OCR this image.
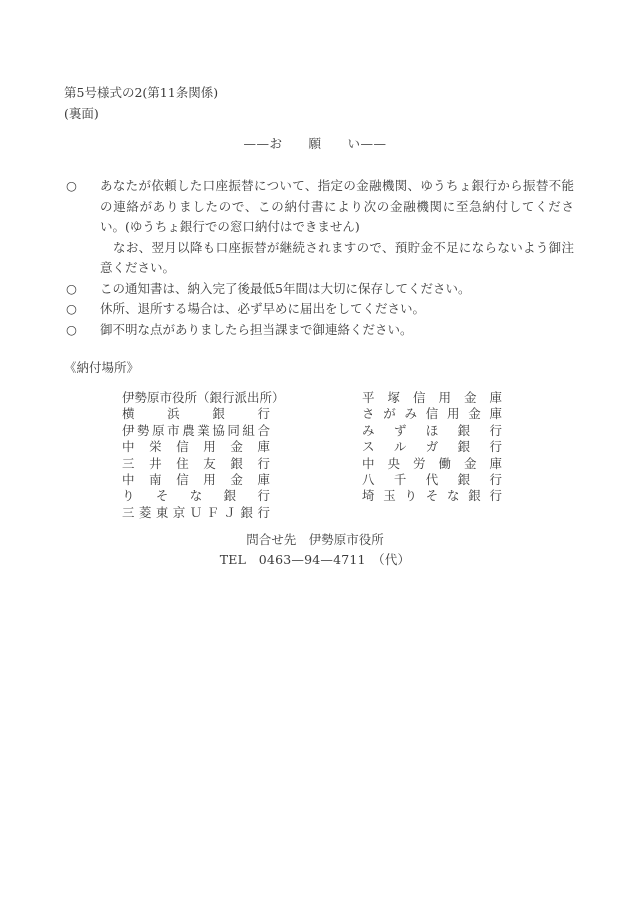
第5号様式の2(第11条関係)
(裏面)
——お　　願　　い——
○ あなたが依頼した口座振替について、指定の金融機関、ゆうちょ銀行から振替不能の連絡がありましたので、この納付書により次の金融機関に至急納付してください。(ゆうちょ銀行での窓口納付はできません)
なお、翌月以降も口座振替が継続されますので、預貯金不足にならないよう御注意ください。
○ この通知書は、納入完了後最低5年間は大切に保存してください。
○ 休所、退所する場合は、必ず早めに届出をしてください。
○ 御不明な点がありましたら担当課まで御連絡ください。
《納付場所》
伊勢原市役所（銀行派出所）
横浜銀行
伊勢原市農業協同組合
中栄信用金庫
三井住友銀行
中南信用金庫
りそな銀行
三菱東京ＵＦＪ銀行
平塚信用金庫
さがみ信用金庫
みずほ銀行
スルガ銀行
中央労働金庫
八千代銀行
埼玉りそな銀行
問合せ先　伊勢原市役所
TEL　0463—94—4711　（代）
